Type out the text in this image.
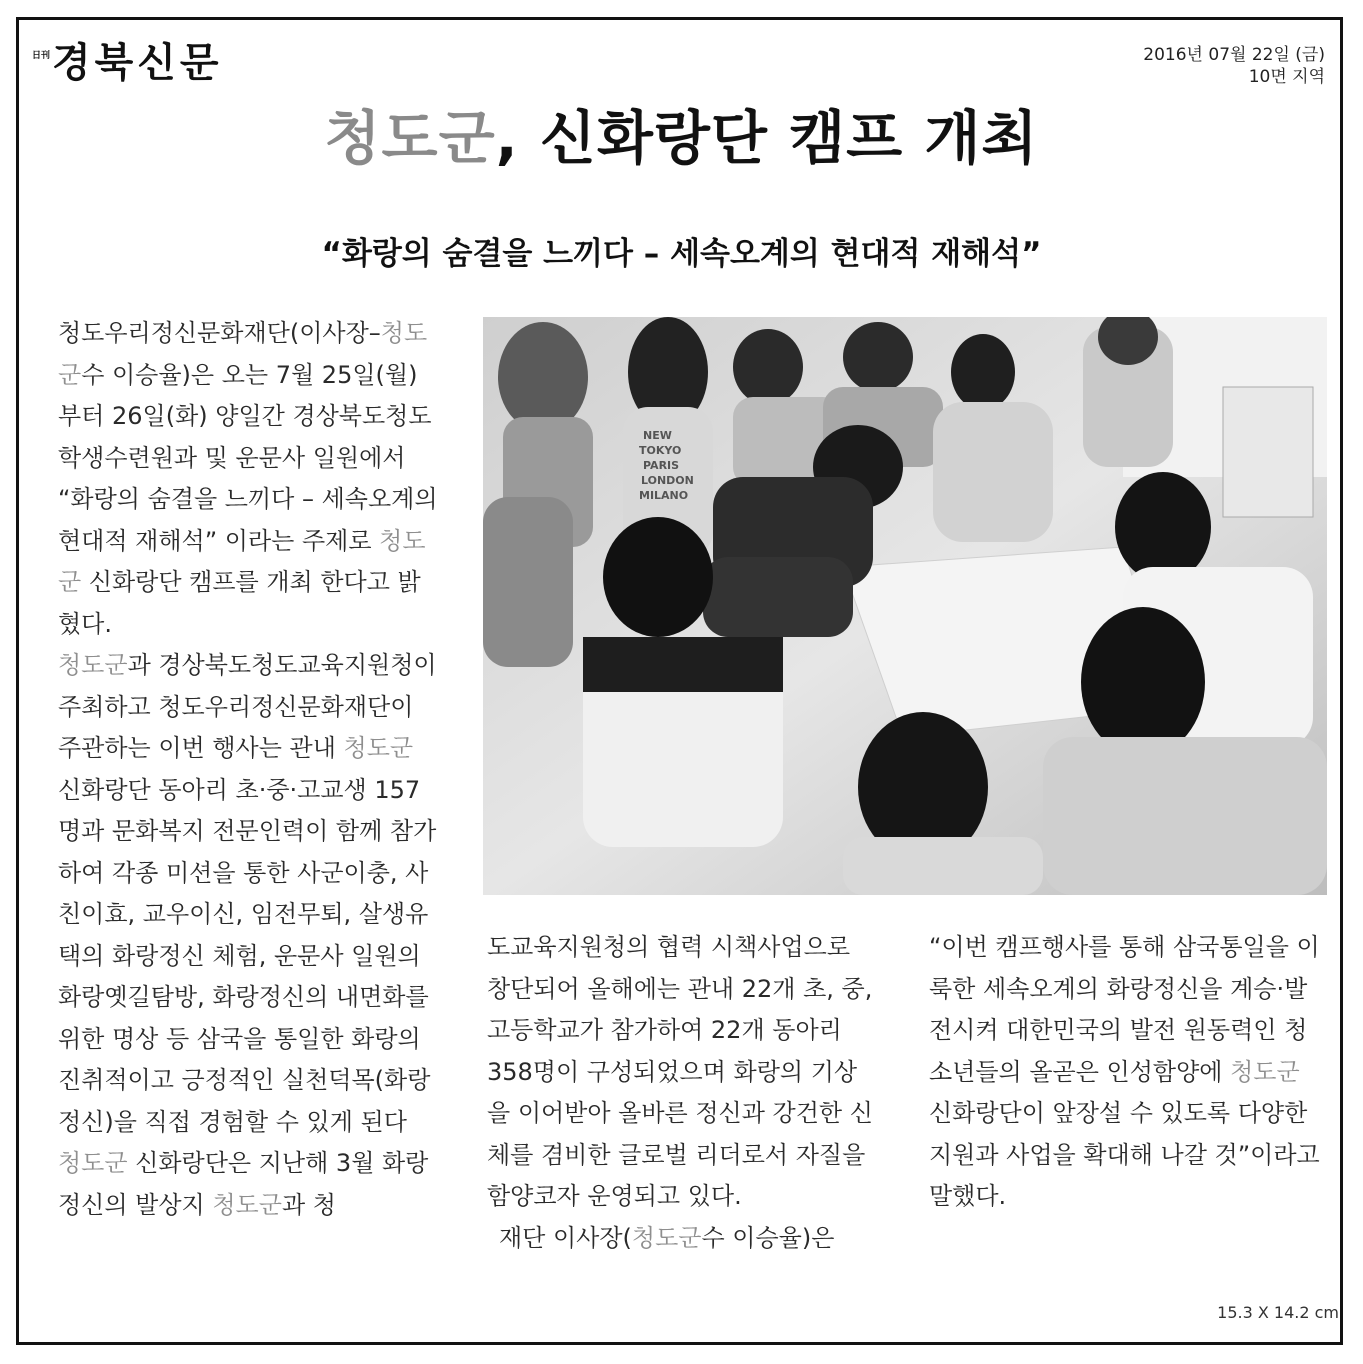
日刊 경북신문	2016년 07월 22일 (금)
10면 지역
청도군, 신화랑단 캠프 개최
“화랑의 숨결을 느끼다 – 세속오계의 현대적 재해석”

청도우리정신문화재단(이사장–청도군수 이승율)은 오는 7월 25일(월)부터 26일(화) 양일간 경상북도청도학생수련원과 및 운문사 일원에서 “화랑의 숨결을 느끼다 – 세속오계의 현대적 재해석” 이라는 주제로 청도군 신화랑단 캠프를 개최 한다고 밝혔다.

청도군과 경상북도청도교육지원청이 주최하고 청도우리정신문화재단이 주관하는 이번 행사는 관내 청도군 신화랑단 동아리 초·중·고교생 157명과 문화복지 전문인력이 함께 참가하여 각종 미션을 통한 사군이충, 사친이효, 교우이신, 임전무퇴, 살생유택의 화랑정신 체험, 운문사 일원의 화랑옛길탐방, 화랑정신의 내면화를 위한 명상 등 삼국을 통일한 화랑의 진취적이고 긍정적인 실천덕목(화랑정신)을 직접 경험할 수 있게 된다

청도군 신화랑단은 지난해 3월 화랑정신의 발상지 청도군과 청

NEW
TOKYO
PARIS
LONDON
MILANO

도교육지원청의 협력 시책사업으로 창단되어 올해에는 관내 22개 초, 중, 고등학교가 참가하여 22개 동아리 358명이 구성되었으며 화랑의 기상을 이어받아 올바른 정신과 강건한 신체를 겸비한 글로벌 리더로서 자질을 함양코자 운영되고 있다.

재단 이사장(청도군수 이승율)은

“이번 캠프행사를 통해 삼국통일을 이룩한 세속오계의 화랑정신을 계승·발전시켜 대한민국의 발전 원동력인 청소년들의 올곧은 인성함양에 청도군 신화랑단이 앞장설 수 있도록 다양한 지원과 사업을 확대해 나갈 것”이라고 말했다.

15.3 X 14.2 cm
